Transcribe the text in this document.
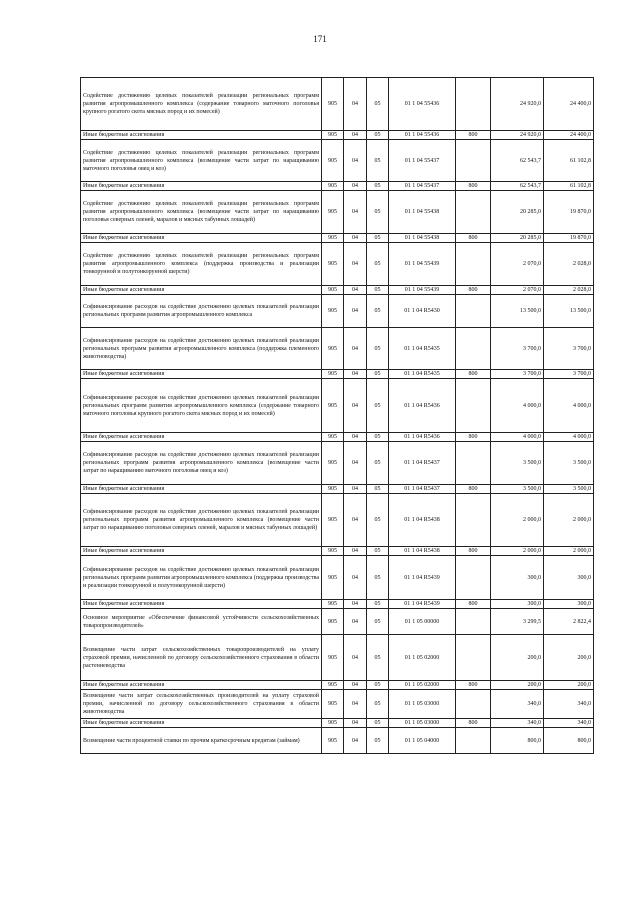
171
Содействие достижению целевых показателей реализации региональных программ развития агропромышленного комплекса (содержание товарного маточного поголовья крупного рогатого скота мясных пород и их помесей)	905	04	05	01 1 04 55436		24 920,0	24 400,0
Иные бюджетные ассигнования	905	04	05	01 1 04 55436	800	24 920,0	24 400,0
Содействие достижению целевых показателей реализации региональных программ развития агропромышленного комплекса (возмещение части затрат по наращиванию маточного поголовья овец и коз)	905	04	05	01 1 04 55437		62 543,7	61 102,8
Иные бюджетные ассигнования	905	04	05	01 1 04 55437	800	62 543,7	61 102,8
Содействие достижению целевых показателей реализации региональных программ развития агропромышленного комплекса (возмещение части затрат по наращиванию поголовья северных оленей, маралов и мясных табунных лошадей)	905	04	05	01 1 04 55438		20 285,0	19 870,0
Иные бюджетные ассигнования	905	04	05	01 1 04 55438	800	20 285,0	19 870,0
Содействие достижению целевых показателей реализации региональных программ развития агропромышленного комплекса (поддержка производства и реализации тонкорунной и полутонкорунной шерсти)	905	04	05	01 1 04 55439		2 070,0	2 028,0
Иные бюджетные ассигнования	905	04	05	01 1 04 55439	800	2 070,0	2 028,0
Софинансирование расходов на содействие достижению целевых показателей реализации региональных программ развития агропромышленного комплекса	905	04	05	01 1 04 R5430		13 500,0	13 500,0
Софинансирование расходов на содействие достижению целевых показателей реализации региональных программ развития агропромышленного комплекса (поддержка племенного животноводства)	905	04	05	01 1 04 R5435		3 700,0	3 700,0
Иные бюджетные ассигнования	905	04	05	01 1 04 R5435	800	3 700,0	3 700,0
Софинансирование расходов на содействие достижению целевых показателей реализации региональных программ развития агропромышленного комплекса (содержание товарного маточного поголовья крупного рогатого скота мясных пород и их помесей)	905	04	05	01 1 04 R5436		4 000,0	4 000,0
Иные бюджетные ассигнования	905	04	05	01 1 04 R5436	800	4 000,0	4 000,0
Софинансирование расходов на содействие достижению целевых показателей реализации региональных программ развития агропромышленного комплекса (возмещение части затрат по наращиванию маточного поголовья овец и коз)	905	04	05	01 1 04 R5437		3 500,0	3 500,0
Иные бюджетные ассигнования	905	04	05	01 1 04 R5437	800	3 500,0	3 500,0
Софинансирование расходов на содействие достижению целевых показателей реализации региональных программ развития агропромышленного комплекса (возмещение части затрат по наращиванию поголовья северных оленей, маралов и мясных табунных лошадей)	905	04	05	01 1 04 R5438		2 000,0	2 000,0
Иные бюджетные ассигнования	905	04	05	01 1 04 R5438	800	2 000,0	2 000,0
Софинансирование расходов на содействие достижению целевых показателей реализации региональных программ развития агропромышленного комплекса (поддержка производства и реализации тонкорунной и полутонкорунной шерсти)	905	04	05	01 1 04 R5439		300,0	300,0
Иные бюджетные ассигнования	905	04	05	01 1 04 R5439	800	300,0	300,0
Основное мероприятие «Обеспечение финансовой устойчивости сельскохозяйственных товаропроизводителей»	905	04	05	01 1 05 00000		3 299,5	2 822,4
Возмещение части затрат сельскохозяйственных товаропроизводителей на уплату страховой премии, начисленной по договору сельскохозяйственного страхования в области растениеводства	905	04	05	01 1 05 02000		200,0	200,0
Иные бюджетные ассигнования	905	04	05	01 1 05 02000	800	200,0	200,0
Возмещение части затрат сельскохозяйственных производителей на уплату страховой премии, начисленной по договору сельскохозяйственного страхования в области животноводства	905	04	05	01 1 05 03000		340,0	340,0
Иные бюджетные ассигнования	905	04	05	01 1 05 03000	800	340,0	340,0
Возмещение части процентной ставки по прочим краткосрочным кредитам (займам)	905	04	05	01 1 05 04000		800,0	800,0
